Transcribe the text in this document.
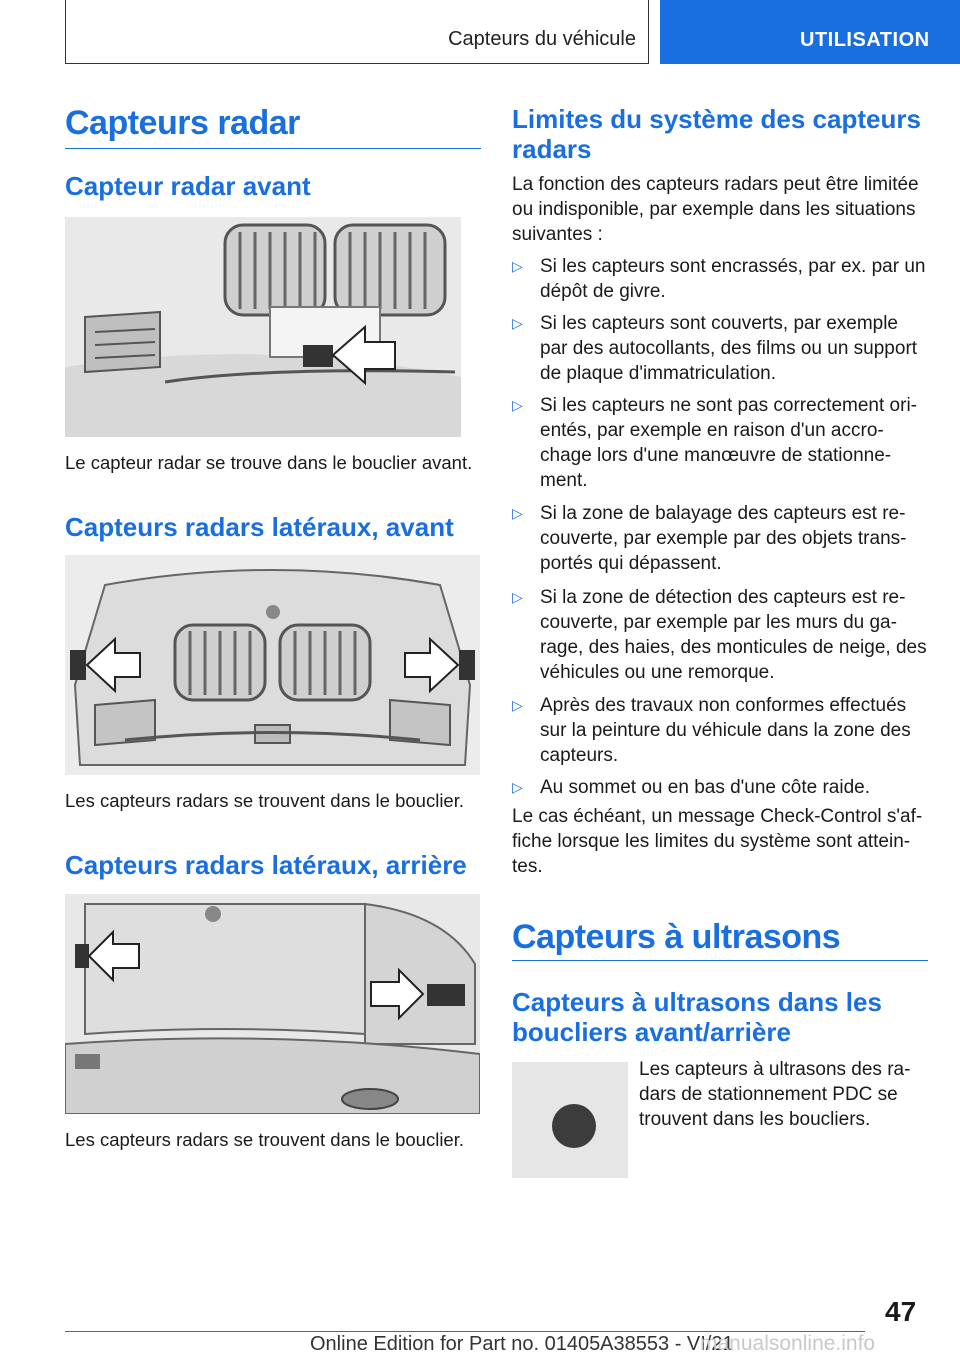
Capteurs du véhicule	UTILISATION
Capteurs radar
Capteur radar avant

Le capteur radar se trouve dans le bouclier avant.

Capteurs radars latéraux, avant

Les capteurs radars se trouvent dans le bouclier.

Capteurs radars latéraux, arrière

Les capteurs radars se trouvent dans le bouclier.

Limites du système des capteurs
radars

La fonction des capteurs radars peut être limitée

ou indisponible, par exemple dans les situations

suivantes :

▷ Si les capteurs sont encrassés, par ex. par un
dépôt de givre.
▷ Si les capteurs sont couverts, par exemple
par des autocollants, des films ou un support
de plaque d'immatriculation.
▷ Si les capteurs ne sont pas correctement ori-
entés, par exemple en raison d'un accro-
chage lors d'une manœuvre de stationne-
ment.
▷ Si la zone de balayage des capteurs est re-
couverte, par exemple par des objets trans-
portés qui dépassent.
▷ Si la zone de détection des capteurs est re-
couverte, par exemple par les murs du ga-
rage, des haies, des monticules de neige, des
véhicules ou une remorque.
▷ Après des travaux non conformes effectués
sur la peinture du véhicule dans la zone des
capteurs.
▷ Au sommet ou en bas d'une côte raide.

Le cas échéant, un message Check-Control s'af-

fiche lorsque les limites du système sont attein-

tes.

Capteurs à ultrasons
Capteurs à ultrasons dans les
boucliers avant/arrière

Les capteurs à ultrasons des ra-

dars de stationnement PDC se

trouvent dans les boucliers.

47
Online Edition for Part no. 01405A38553 - VI/21
manualsonline.info
